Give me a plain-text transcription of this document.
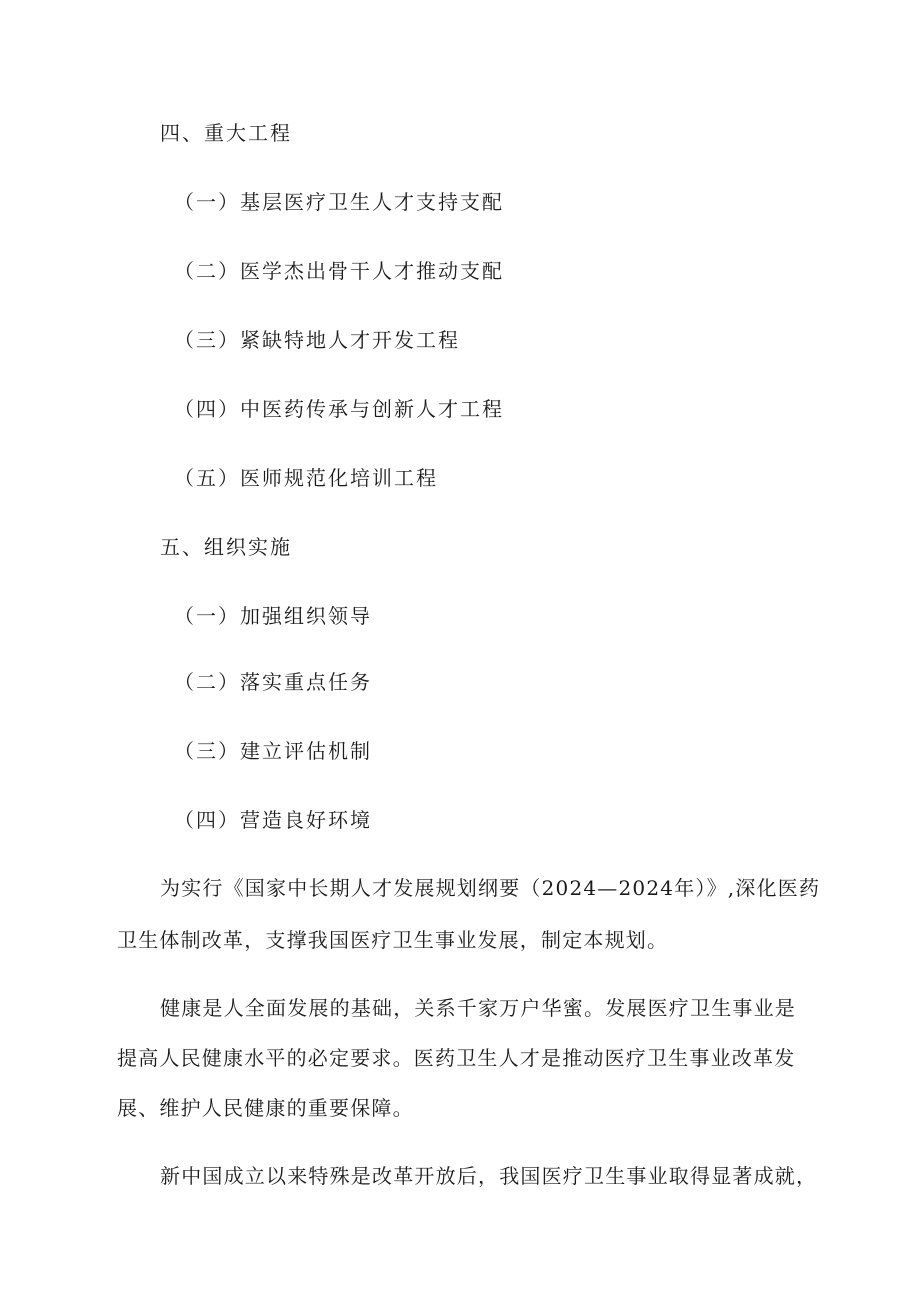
四、重大工程
（一）基层医疗卫生人才支持支配
（二）医学杰出骨干人才推动支配
（三）紧缺特地人才开发工程
（四）中医药传承与创新人才工程
（五）医师规范化培训工程
五、组织实施
（一）加强组织领导
（二）落实重点任务
（三）建立评估机制
（四）营造良好环境
为实行《国家中长期人才发展规划纲要（2024—2024年）》,深化医药
卫生体制改革，支撑我国医疗卫生事业发展，制定本规划。
健康是人全面发展的基础，关系千家万户华蜜。发展医疗卫生事业是
提高人民健康水平的必定要求。医药卫生人才是推动医疗卫生事业改革发
展、维护人民健康的重要保障。
新中国成立以来特殊是改革开放后，我国医疗卫生事业取得显著成就，
